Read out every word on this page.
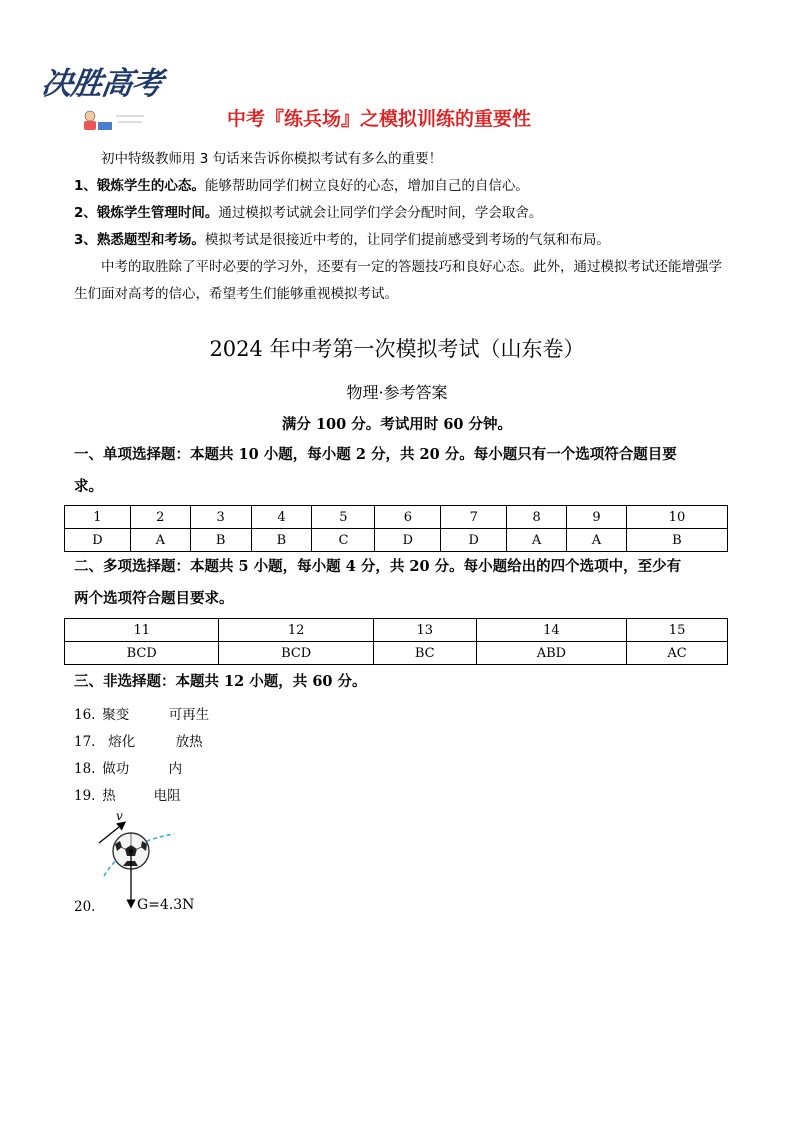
决胜高考
中考『练兵场』之模拟训练的重要性

初中特级教师用 3 句话来告诉你模拟考试有多么的重要！

1、锻炼学生的心态。能够帮助同学们树立良好的心态，增加自己的自信心。

2、锻炼学生管理时间。通过模拟考试就会让同学们学会分配时间，学会取舍。

3、熟悉题型和考场。模拟考试是很接近中考的，让同学们提前感受到考场的气氛和布局。

中考的取胜除了平时必要的学习外，还要有一定的答题技巧和良好心态。此外，通过模拟考试还能增强学生们面对高考的信心，希望考生们能够重视模拟考试。

2024 年中考第一次模拟考试（山东卷）
物理·参考答案
满分 100 分。考试用时 60 分钟。
一、单项选择题：本题共 10 小题，每小题 2 分，共 20 分。每小题只有一个选项符合题目要
求。
1	2	3	4	5	6	7	8	9	10
D	A	B	B	C	D	D	A	A	B
二、多项选择题：本题共 5 小题，每小题 4 分，共 20 分。每小题给出的四个选项中，至少有
两个选项符合题目要求。
11	12	13	14	15
BCD	BCD	BC	ABD	AC
三、非选择题：本题共 12 小题，共 60 分。
16. 聚变	可再生
17. 熔化	放热
18. 做功	内
19. 热	电阻
v
20.	G=4.3N
